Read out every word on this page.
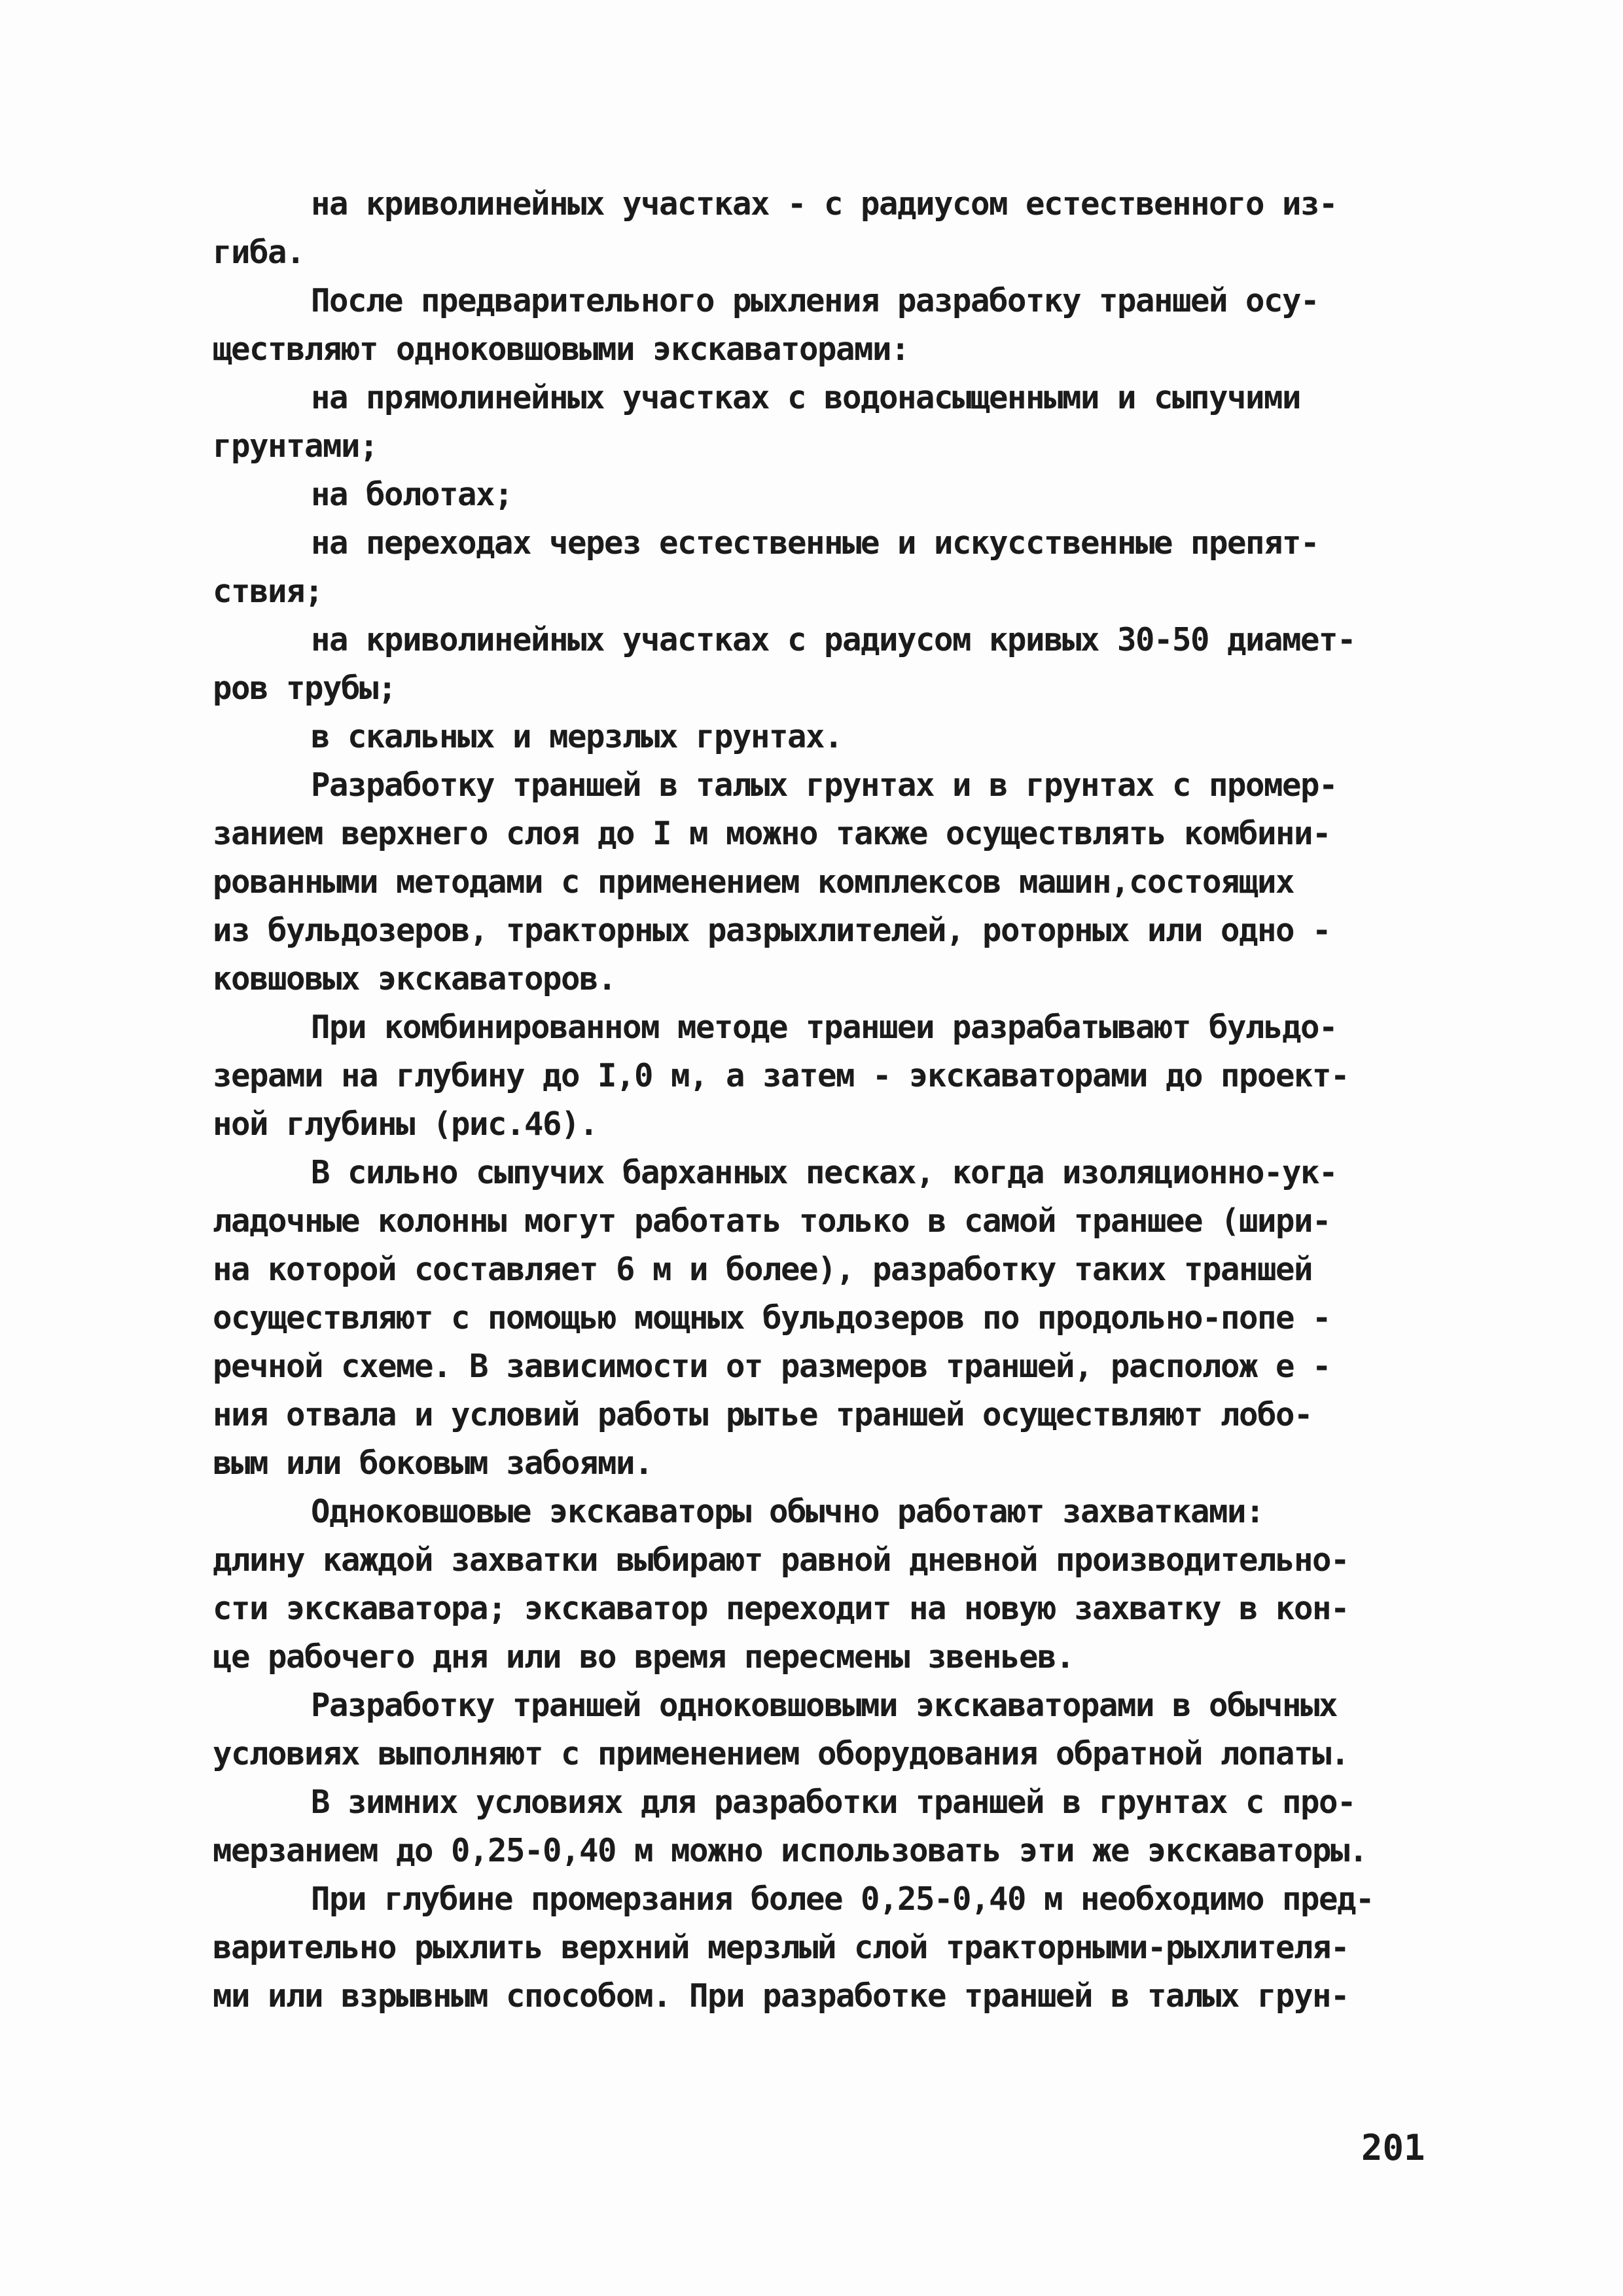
на криволинейных участках - с радиусом естественного из-
гиба.
После предварительного рыхления разработку траншей осу-
ществляют одноковшовыми экскаваторами:
на прямолинейных участках с водонасыщенными и сыпучими
грунтами;
на болотах;
на переходах через естественные и искусственные препят-
ствия;
на криволинейных участках с радиусом кривых 30-50 диамет-
ров трубы;
в скальных и мерзлых грунтах.
Разработку траншей в талых грунтах и в грунтах с промер-
занием верхнего слоя до I м можно также осуществлять комбини-
рованными методами с применением комплексов машин,состоящих
из бульдозеров, тракторных разрыхлителей, роторных или одно -
ковшовых экскаваторов.
При комбинированном методе траншеи разрабатывают бульдо-
зерами на глубину до I,0 м, а затем - экскаваторами до проект-
ной глубины (рис.46).
В сильно сыпучих барханных песках, когда изоляционно-ук-
ладочные колонны могут работать только в самой траншее (шири-
на которой составляет 6 м и более), разработку таких траншей
осуществляют с помощью мощных бульдозеров по продольно-попе -
речной схеме. В зависимости от размеров траншей, располож е -
ния отвала и условий работы рытье траншей осуществляют лобо-
вым или боковым забоями.
Одноковшовые экскаваторы обычно работают захватками:
длину каждой захватки выбирают равной дневной производительно-
сти экскаватора; экскаватор переходит на новую захватку в кон-
це рабочего дня или во время пересмены звеньев.
Разработку траншей одноковшовыми экскаваторами в обычных
условиях выполняют с применением оборудования обратной лопаты.
В зимних условиях для разработки траншей в грунтах с про-
мерзанием до 0,25-0,40 м можно использовать эти же экскаваторы.
При глубине промерзания более 0,25-0,40 м необходимо пред-
варительно рыхлить верхний мерзлый слой тракторными-рыхлителя-
ми или взрывным способом. При разработке траншей в талых грун-
201
